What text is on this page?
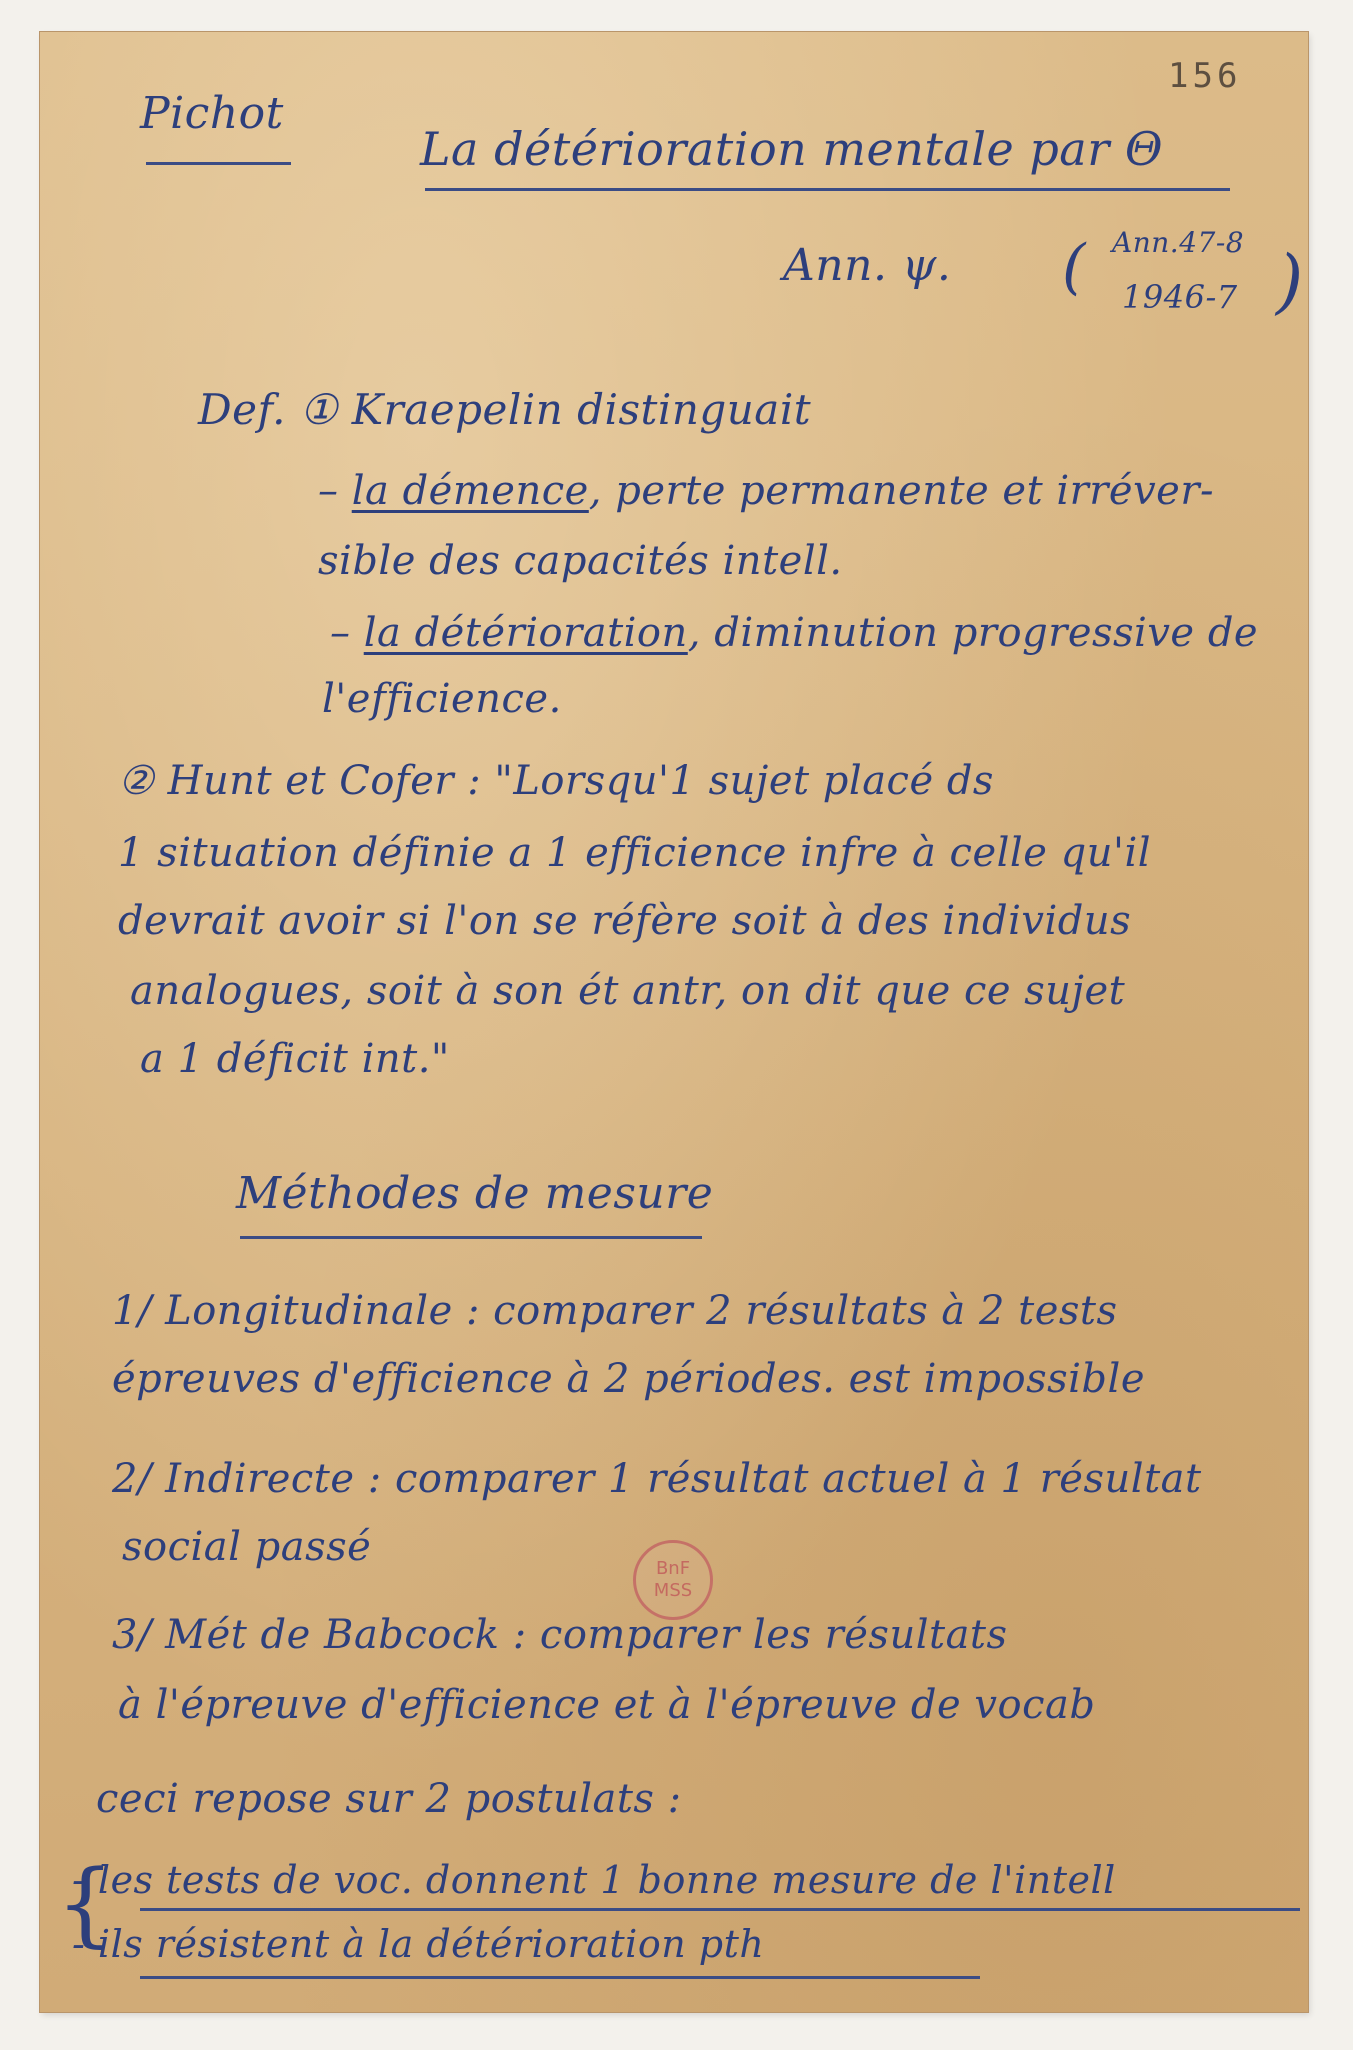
156
Pichot
La détérioration mentale par Θ
Ann. ψ. ( Ann.47-8
1946-7 )
Def. ① Kraepelin distinguait
– la démence, perte permanente et irréver-
sible des capacités intell.
– la détérioration, diminution progressive de
l'efficience.
② Hunt et Cofer : "Lorsqu'1 sujet placé ds
1 situation définie a 1 efficience infre à celle qu'il
devrait avoir si l'on se réfère soit à des individus
analogues, soit à son ét antr, on dit que ce sujet
a 1 déficit int."
Méthodes de mesure
1/ Longitudinale : comparer 2 résultats à 2 tests
épreuves d'efficience à 2 périodes. est impossible
2/ Indirecte : comparer 1 résultat actuel à 1 résultat
social passé	BnF
MSS
3/ Mét de Babcock : comparer les résultats
à l'épreuve d'efficience et à l'épreuve de vocab
ceci repose sur 2 postulats :
{
- les tests de voc. donnent 1 bonne mesure de l'intell
- ils résistent à la détérioration pth
